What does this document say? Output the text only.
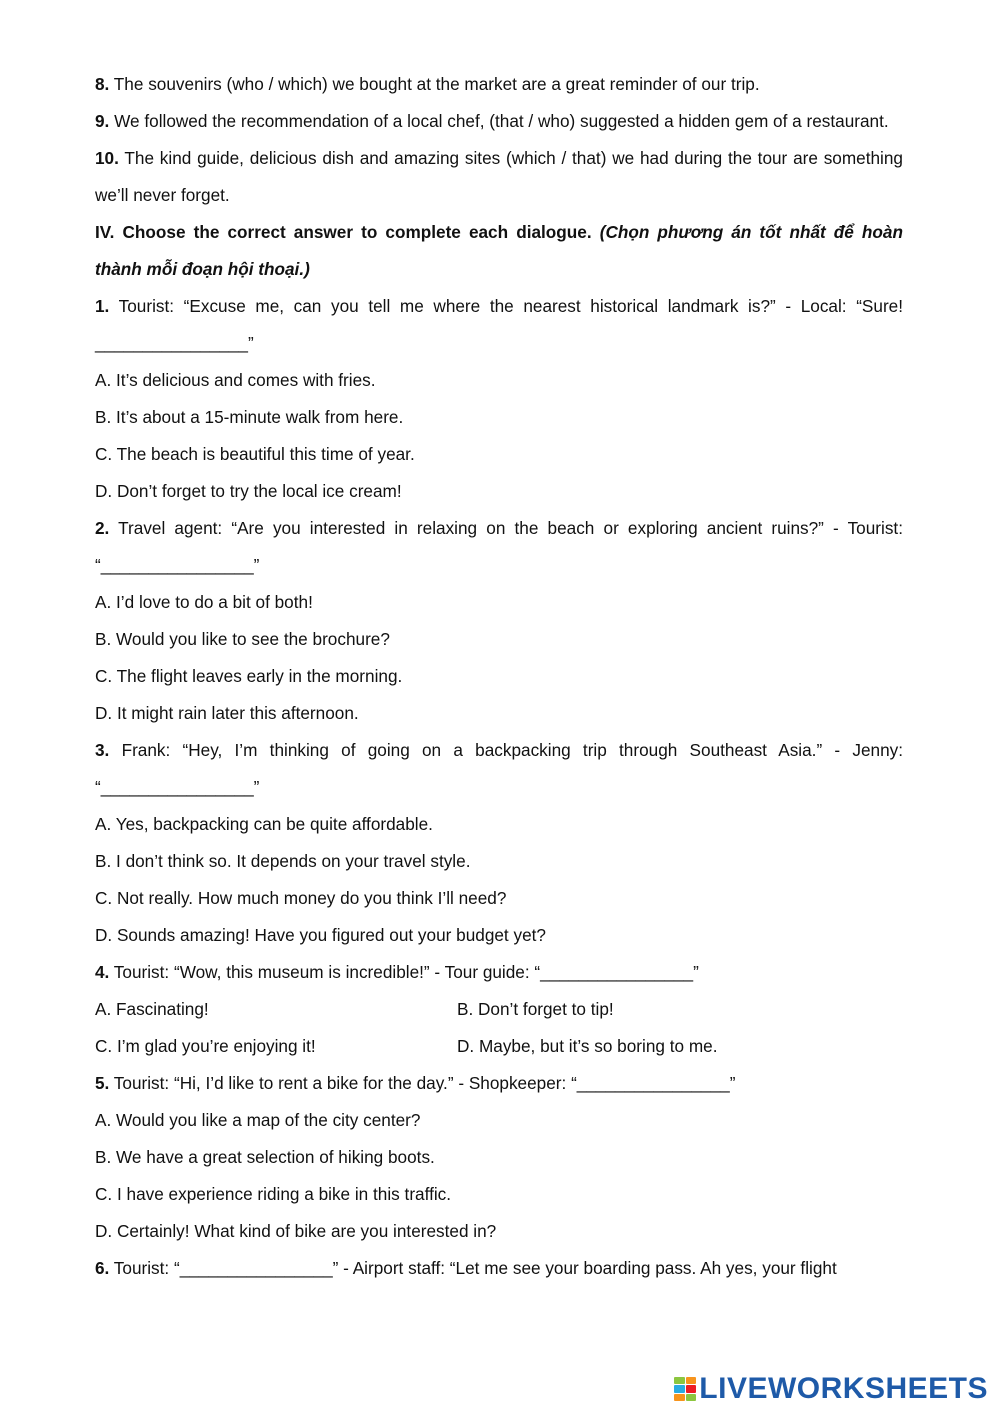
8. The souvenirs (who / which) we bought at the market are a great reminder of our trip.

9. We followed the recommendation of a local chef, (that / who) suggested a hidden gem of a restaurant.

10. The kind guide, delicious dish and amazing sites (which / that) we had during the tour are something we’ll never forget.

IV. Choose the correct answer to complete each dialogue. (Chọn phương án tốt nhất để hoàn thành mỗi đoạn hội thoại.)

1. Tourist: “Excuse me, can you tell me where the nearest historical landmark is?” - Local: “Sure! ________________”

A. It’s delicious and comes with fries.

B. It’s about a 15-minute walk from here.

C. The beach is beautiful this time of year.

D. Don’t forget to try the local ice cream!

2. Travel agent: “Are you interested in relaxing on the beach or exploring ancient ruins?” - Tourist: “________________”

A. I’d love to do a bit of both!

B. Would you like to see the brochure?

C. The flight leaves early in the morning.

D. It might rain later this afternoon.

3. Frank: “Hey, I’m thinking of going on a backpacking trip through Southeast Asia.” - Jenny: “________________”

A. Yes, backpacking can be quite affordable.

B. I don’t think so. It depends on your travel style.

C. Not really. How much money do you think I’ll need?

D. Sounds amazing! Have you figured out your budget yet?

4. Tourist: “Wow, this museum is incredible!” - Tour guide: “________________”

A. Fascinating!	B. Don’t forget to tip!
C. I’m glad you’re enjoying it!	D. Maybe, but it’s so boring to me.

5. Tourist: “Hi, I’d like to rent a bike for the day.” - Shopkeeper: “________________”

A. Would you like a map of the city center?

B. We have a great selection of hiking boots.

C. I have experience riding a bike in this traffic.

D. Certainly! What kind of bike are you interested in?

6. Tourist: “________________” - Airport staff: “Let me see your boarding pass. Ah yes, your flight

LIVEWORKSHEETS
